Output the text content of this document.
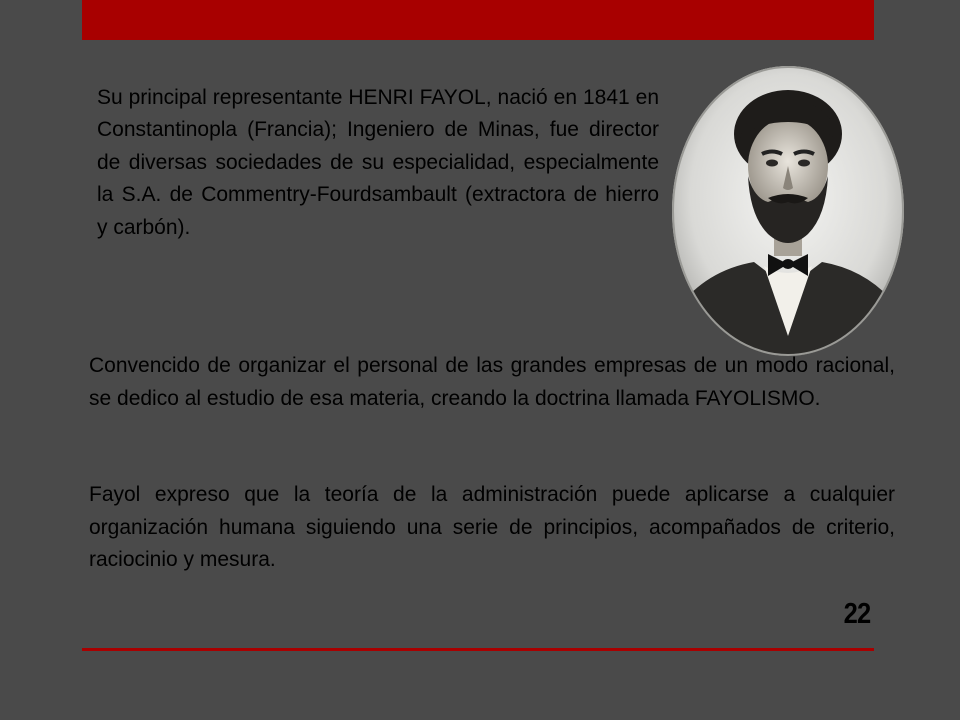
Su principal representante HENRI FAYOL, nació en 1841 en Constantinopla (Francia); Ingeniero de Minas, fue director de diversas sociedades de su especialidad, especialmente la S.A. de Commentry-Fourdsambault (extractora de hierro y carbón).

Convencido de organizar el personal de las grandes empresas de un modo racional, se dedico al estudio de esa materia, creando la doctrina llamada FAYOLISMO.

Fayol expreso que la teoría de la administración puede aplicarse a cualquier organización humana siguiendo una serie de principios, acompañados de criterio, raciocinio y mesura.

22
